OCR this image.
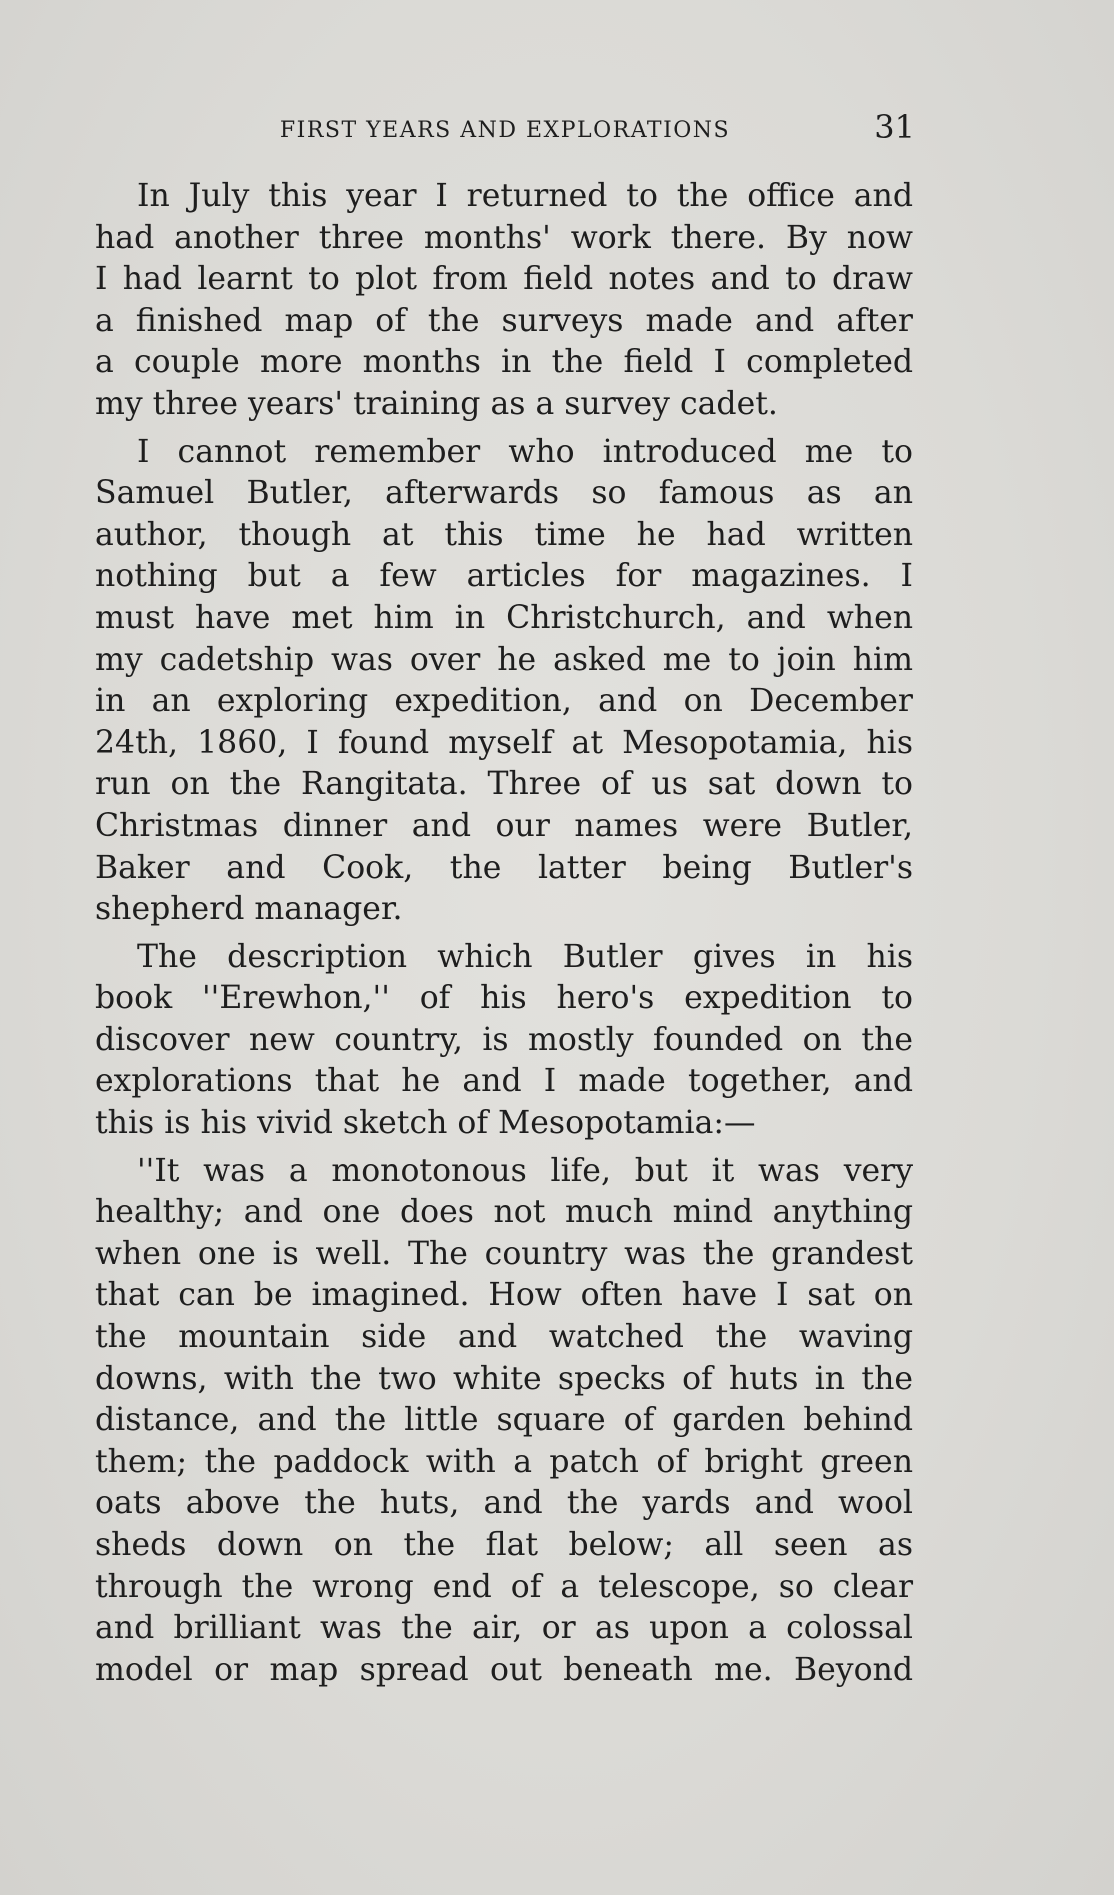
FIRST YEARS AND EXPLORATIONS	31
In July this year I returned to the office and
had another three months' work there. By now
I had learnt to plot from field notes and to draw
a finished map of the surveys made and after
a couple more months in the field I completed
my three years' training as a survey cadet.
I cannot remember who introduced me to
Samuel Butler, afterwards so famous as an
author, though at this time he had written
nothing but a few articles for magazines. I
must have met him in Christchurch, and when
my cadetship was over he asked me to join him
in an exploring expedition, and on December
24th, 1860, I found myself at Mesopotamia, his
run on the Rangitata. Three of us sat down to
Christmas dinner and our names were Butler,
Baker and Cook, the latter being Butler's
shepherd manager.
The description which Butler gives in his
book ''Erewhon,'' of his hero's expedition to
discover new country, is mostly founded on the
explorations that he and I made together, and
this is his vivid sketch of Mesopotamia:—
''It was a monotonous life, but it was very
healthy; and one does not much mind anything
when one is well. The country was the grandest
that can be imagined. How often have I sat on
the mountain side and watched the waving
downs, with the two white specks of huts in the
distance, and the little square of garden behind
them; the paddock with a patch of bright green
oats above the huts, and the yards and wool
sheds down on the flat below; all seen as
through the wrong end of a telescope, so clear
and brilliant was the air, or as upon a colossal
model or map spread out beneath me. Beyond
